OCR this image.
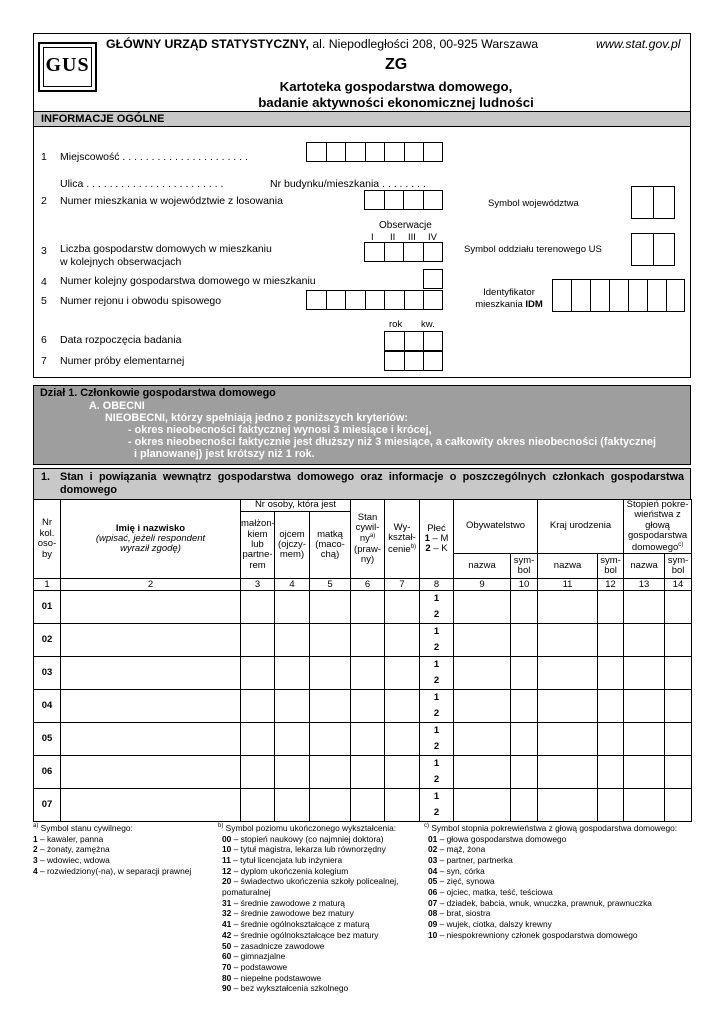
GUS
GŁÓWNY URZĄD STATYSTYCZNY, al. Niepodległości 208, 00-925 Warszawa	www.stat.gov.pl
ZG
Kartoteka gospodarstwa domowego,
badanie aktywności ekonomicznej ludności
INFORMACJE OGÓLNE
1 Miejscowość . . . . . . . . . . . . . . . . . . . . . .
Ulica . . . . . . . . . . . . . . . . . . . . . . . .	Nr budynku/mieszkania . . . . . . . .
2 Numer mieszkania w województwie z losowania
Obserwacje
I II III IV
3 Liczba gospodarstw domowych w mieszkaniu
w kolejnych obserwacjach
4 Numer kolejny gospodarstwa domowego w mieszkaniu
5 Numer rejonu i obwodu spisowego
rok kw.
6 Data rozpoczęcia badania
7 Numer próby elementarnej
Symbol województwa
Symbol oddziału terenowego US
Identyfikator
mieszkania IDM
Dział 1. Członkowie gospodarstwa domowego
A. OBECNI
NIEOBECNI, którzy spełniają jedno z poniższych kryteriów:
- okres nieobecności faktycznej wynosi 3 miesiące i krócej,
- okres nieobecności faktycznie jest dłuższy niż 3 miesiące, a całkowity okres nieobecności (faktycznej
i planowanej) jest krótszy niż 1 rok.
1. Stan i powiązania wewnątrz gospodarstwa domowego oraz informacje o poszczególnych członkach gospodarstwa domowego
Nr
kol.
oso-
by	Imię i nazwisko
(wpisać, jeżeli respondent wyraził zgodę)	Nr osoby, która jest			Stan
cywil-
$ny^{a)}$
(praw-
ny)	Wy-
kształ-
cenie$^{b)}$	Płeć
1 – M
2 – K	Obywatelstwo		Kraj urodzenia		Stopień pokre-
wieństwa z głową
gospodarstwa
domowego$^{c)}$
		małżon-
kiem
lub
partne-
rem	ojcem
(ojczy-
mem)	matką
(maco-
chą)									
								nazwa	sym-
bol	nazwa	sym-
bol	nazwa	sym-
bol
1	2	3	4	5	6	7	8	9	10	11	12	13	14
01							1						
							2						
02							1						
							2						
03							1						
							2						
04							1						
							2						
05							1						
							2						
06							1						
							2						
07							1						
							2						
$^{a)}$ Symbol stanu cywilnego:
1 – kawaler, panna
2 – żonaty, zamężna
3 – wdowiec, wdowa
4 – rozwiedziony(-na), w separacji prawnej
$^{b)}$ Symbol poziomu ukończonego wykształcenia:
00 – stopień naukowy (co najmniej doktora)
10 – tytuł magistra, lekarza lub równorzędny
11 – tytuł licencjata lub inżyniera
12 – dyplom ukończenia kolegium
20 – świadectwo ukończenia szkoły policealnej,
pomaturalnej
31 – średnie zawodowe z maturą
32 – średnie zawodowe bez matury
41 – średnie ogólnokształcące z maturą
42 – średnie ogólnokształcące bez matury
50 – zasadnicze zawodowe
60 – gimnazjalne
70 – podstawowe
80 – niepełne podstawowe
90 – bez wykształcenia szkolnego
$^{c)}$ Symbol stopnia pokrewieństwa z głową gospodarstwa domowego:
01 – głowa gospodarstwa domowego
02 – mąż, żona
03 – partner, partnerka
04 – syn, córka
05 – zięć, synowa
06 – ojciec, matka, teść, teściowa
07 – dziadek, babcia, wnuk, wnuczka, prawnuk, prawnuczka
08 – brat, siostra
09 – wujek, ciotka, dalszy krewny
10 – niespokrewniony członek gospodarstwa domowego
